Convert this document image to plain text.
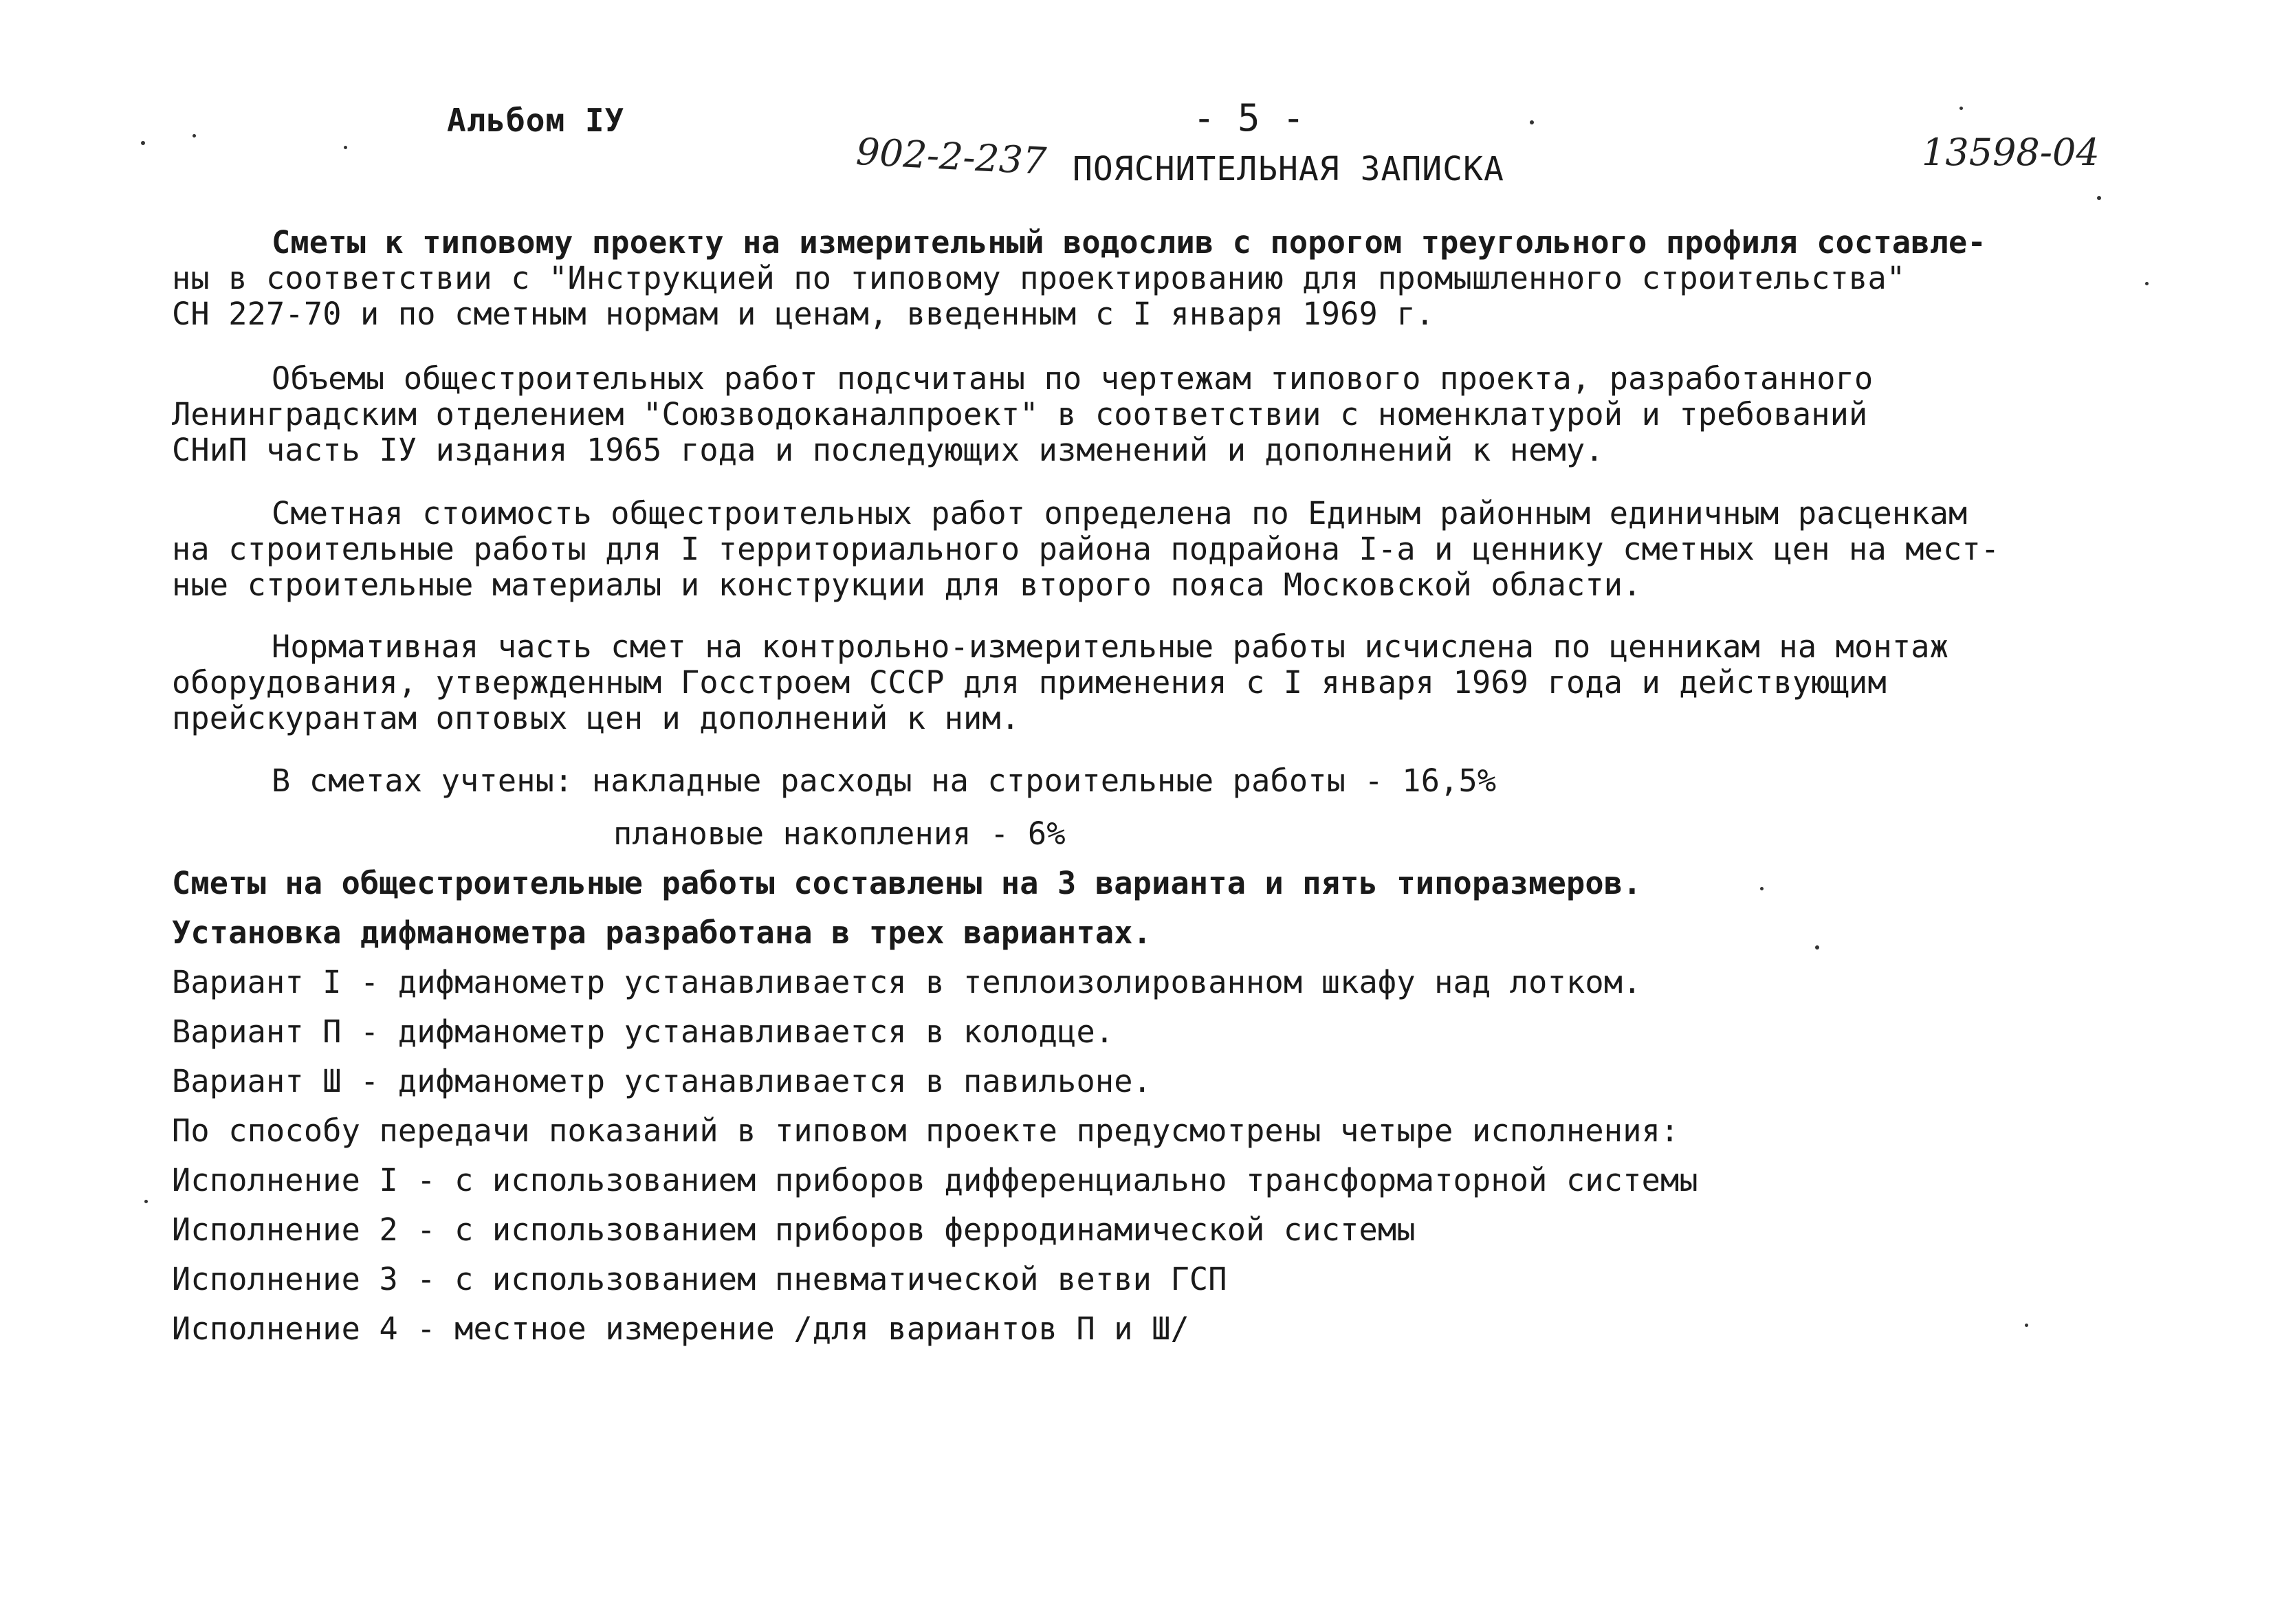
Альбом IУ	- 5 -
902-2-237 ПОЯСНИТЕЛЬНАЯ ЗАПИСКА	13598-04
Сметы к типовому проекту на измерительный водослив с порогом треугольного профиля составле-
ны в соответствии с "Инструкцией по типовому проектированию для промышленного строительства"
СН 227-70 и по сметным нормам и ценам, введенным с I января 1969 г.
Объемы общестроительных работ подсчитаны по чертежам типового проекта, разработанного
Ленинградским отделением "Союзводоканалпроект" в соответствии с номенклатурой и требований
СНиП часть IУ издания 1965 года и последующих изменений и дополнений к нему.
Сметная стоимость общестроительных работ определена по Единым районным единичным расценкам
на строительные работы для I территориального района подрайона I-а и ценнику сметных цен на мест-
ные строительные материалы и конструкции для второго пояса Московской области.
Нормативная часть смет на контрольно-измерительные работы исчислена по ценникам на монтаж
оборудования, утвержденным Госстроем СССР для применения с I января 1969 года и действующим
прейскурантам оптовых цен и дополнений к ним.
В сметах учтены: накладные расходы на строительные работы - 16,5%
плановые накопления - 6%
Сметы на общестроительные работы составлены на 3 варианта и пять типоразмеров.
Установка дифманометра разработана в трех вариантах.
Вариант I - дифманометр устанавливается в теплоизолированном шкафу над лотком.
Вариант П - дифманометр устанавливается в колодце.
Вариант Ш - дифманометр устанавливается в павильоне.
По способу передачи показаний в типовом проекте предусмотрены четыре исполнения:
Исполнение I - с использованием приборов дифференциально трансформаторной системы
Исполнение 2 - с использованием приборов ферродинамической системы
Исполнение 3 - с использованием пневматической ветви ГСП
Исполнение 4 - местное измерение /для вариантов П и Ш/
